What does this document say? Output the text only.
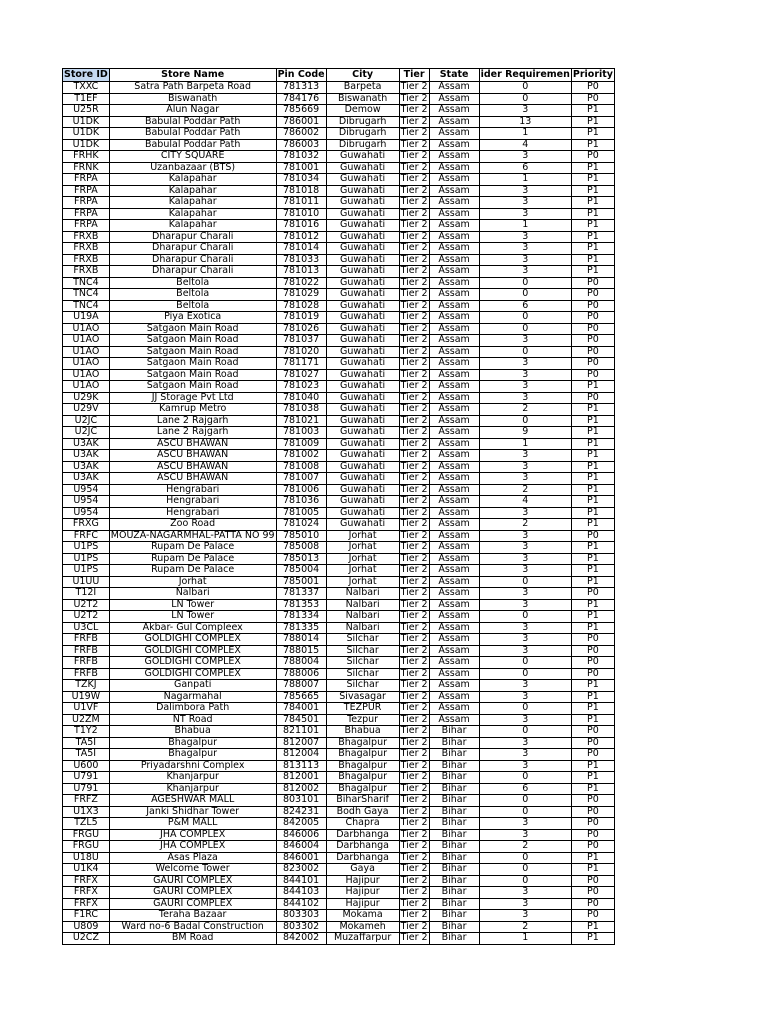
Store ID	Store Name	Pin Code	City	Tier	State	ider Requiremen	Priority
TXXC	Satra Path Barpeta Road	781313	Barpeta	Tier 2	Assam	0	P0
T1EF	Biswanath	784176	Biswanath	Tier 2	Assam	0	P0
U25R	Alun Nagar	785669	Demow	Tier 2	Assam	3	P1
U1DK	Babulal Poddar Path	786001	Dibrugarh	Tier 2	Assam	13	P1
U1DK	Babulal Poddar Path	786002	Dibrugarh	Tier 2	Assam	1	P1
U1DK	Babulal Poddar Path	786003	Dibrugarh	Tier 2	Assam	4	P1
FRHK	CITY SQUARE	781032	Guwahati	Tier 2	Assam	3	P0
FRNK	Uzanbazaar (BTS)	781001	Guwahati	Tier 2	Assam	6	P1
FRPA	Kalapahar	781034	Guwahati	Tier 2	Assam	1	P1
FRPA	Kalapahar	781018	Guwahati	Tier 2	Assam	3	P1
FRPA	Kalapahar	781011	Guwahati	Tier 2	Assam	3	P1
FRPA	Kalapahar	781010	Guwahati	Tier 2	Assam	3	P1
FRPA	Kalapahar	781016	Guwahati	Tier 2	Assam	1	P1
FRXB	Dharapur Charali	781012	Guwahati	Tier 2	Assam	3	P1
FRXB	Dharapur Charali	781014	Guwahati	Tier 2	Assam	3	P1
FRXB	Dharapur Charali	781033	Guwahati	Tier 2	Assam	3	P1
FRXB	Dharapur Charali	781013	Guwahati	Tier 2	Assam	3	P1
TNC4	Beltola	781022	Guwahati	Tier 2	Assam	0	P0
TNC4	Beltola	781029	Guwahati	Tier 2	Assam	0	P0
TNC4	Beltola	781028	Guwahati	Tier 2	Assam	6	P0
U19A	Piya Exotica	781019	Guwahati	Tier 2	Assam	0	P0
U1AO	Satgaon Main Road	781026	Guwahati	Tier 2	Assam	0	P0
U1AO	Satgaon Main Road	781037	Guwahati	Tier 2	Assam	3	P0
U1AO	Satgaon Main Road	781020	Guwahati	Tier 2	Assam	0	P0
U1AO	Satgaon Main Road	781171	Guwahati	Tier 2	Assam	3	P0
U1AO	Satgaon Main Road	781027	Guwahati	Tier 2	Assam	3	P0
U1AO	Satgaon Main Road	781023	Guwahati	Tier 2	Assam	3	P1
U29K	JJ Storage Pvt Ltd	781040	Guwahati	Tier 2	Assam	3	P0
U29V	Kamrup Metro	781038	Guwahati	Tier 2	Assam	2	P1
U2JC	Lane 2 Rajgarh	781021	Guwahati	Tier 2	Assam	0	P1
U2JC	Lane 2 Rajgarh	781003	Guwahati	Tier 2	Assam	9	P1
U3AK	ASCU BHAWAN	781009	Guwahati	Tier 2	Assam	1	P1
U3AK	ASCU BHAWAN	781002	Guwahati	Tier 2	Assam	3	P1
U3AK	ASCU BHAWAN	781008	Guwahati	Tier 2	Assam	3	P1
U3AK	ASCU BHAWAN	781007	Guwahati	Tier 2	Assam	3	P1
U954	Hengrabari	781006	Guwahati	Tier 2	Assam	2	P1
U954	Hengrabari	781036	Guwahati	Tier 2	Assam	4	P1
U954	Hengrabari	781005	Guwahati	Tier 2	Assam	3	P1
FRXG	Zoo Road	781024	Guwahati	Tier 2	Assam	2	P1
FRFC	MOUZA-NAGARMHAL-PATTA NO 99	785010	Jorhat	Tier 2	Assam	3	P0
U1PS	Rupam De Palace	785008	Jorhat	Tier 2	Assam	3	P1
U1PS	Rupam De Palace	785013	Jorhat	Tier 2	Assam	3	P1
U1PS	Rupam De Palace	785004	Jorhat	Tier 2	Assam	3	P1
U1UU	Jorhat	785001	Jorhat	Tier 2	Assam	0	P1
T12I	Nalbari	781337	Nalbari	Tier 2	Assam	3	P0
U2T2	LN Tower	781353	Nalbari	Tier 2	Assam	3	P1
U2T2	LN Tower	781334	Nalbari	Tier 2	Assam	0	P1
U3CL	Akbar- Gul Compleex	781335	Nalbari	Tier 2	Assam	3	P1
FRFB	GOLDIGHI COMPLEX	788014	Silchar	Tier 2	Assam	3	P0
FRFB	GOLDIGHI COMPLEX	788015	Silchar	Tier 2	Assam	3	P0
FRFB	GOLDIGHI COMPLEX	788004	Silchar	Tier 2	Assam	0	P0
FRFB	GOLDIGHI COMPLEX	788006	Silchar	Tier 2	Assam	0	P0
TZKJ	Ganpati	788007	Silchar	Tier 2	Assam	3	P1
U19W	Nagarmahal	785665	Sivasagar	Tier 2	Assam	3	P1
U1VF	Dalimbora Path	784001	TEZPUR	Tier 2	Assam	0	P1
U2ZM	NT Road	784501	Tezpur	Tier 2	Assam	3	P1
T1Y2	Bhabua	821101	Bhabua	Tier 2	Bihar	0	P0
TA5I	Bhagalpur	812007	Bhagalpur	Tier 2	Bihar	3	P0
TA5I	Bhagalpur	812004	Bhagalpur	Tier 2	Bihar	3	P0
U600	Priyadarshni Complex	813113	Bhagalpur	Tier 2	Bihar	3	P1
U791	Khanjarpur	812001	Bhagalpur	Tier 2	Bihar	0	P1
U791	Khanjarpur	812002	Bhagalpur	Tier 2	Bihar	6	P1
FRFZ	AGESHWAR MALL	803101	BiharSharif	Tier 2	Bihar	0	P0
U1X3	Janki Shidhar Tower	824231	Bodh Gaya	Tier 2	Bihar	0	P0
TZL5	P&M MALL	842005	Chapra	Tier 2	Bihar	3	P0
FRGU	JHA COMPLEX	846006	Darbhanga	Tier 2	Bihar	3	P0
FRGU	JHA COMPLEX	846004	Darbhanga	Tier 2	Bihar	2	P0
U18U	Asas Plaza	846001	Darbhanga	Tier 2	Bihar	0	P1
U1K4	Welcome Tower	823002	Gaya	Tier 2	Bihar	0	P1
FRFX	GAURI COMPLEX	844101	Hajipur	Tier 2	Bihar	0	P0
FRFX	GAURI COMPLEX	844103	Hajipur	Tier 2	Bihar	3	P0
FRFX	GAURI COMPLEX	844102	Hajipur	Tier 2	Bihar	3	P0
F1RC	Teraha Bazaar	803303	Mokama	Tier 2	Bihar	3	P0
U809	Ward no-6 Badal Construction	803302	Mokameh	Tier 2	Bihar	2	P1
U2CZ	BM Road	842002	Muzaffarpur	Tier 2	Bihar	1	P1
